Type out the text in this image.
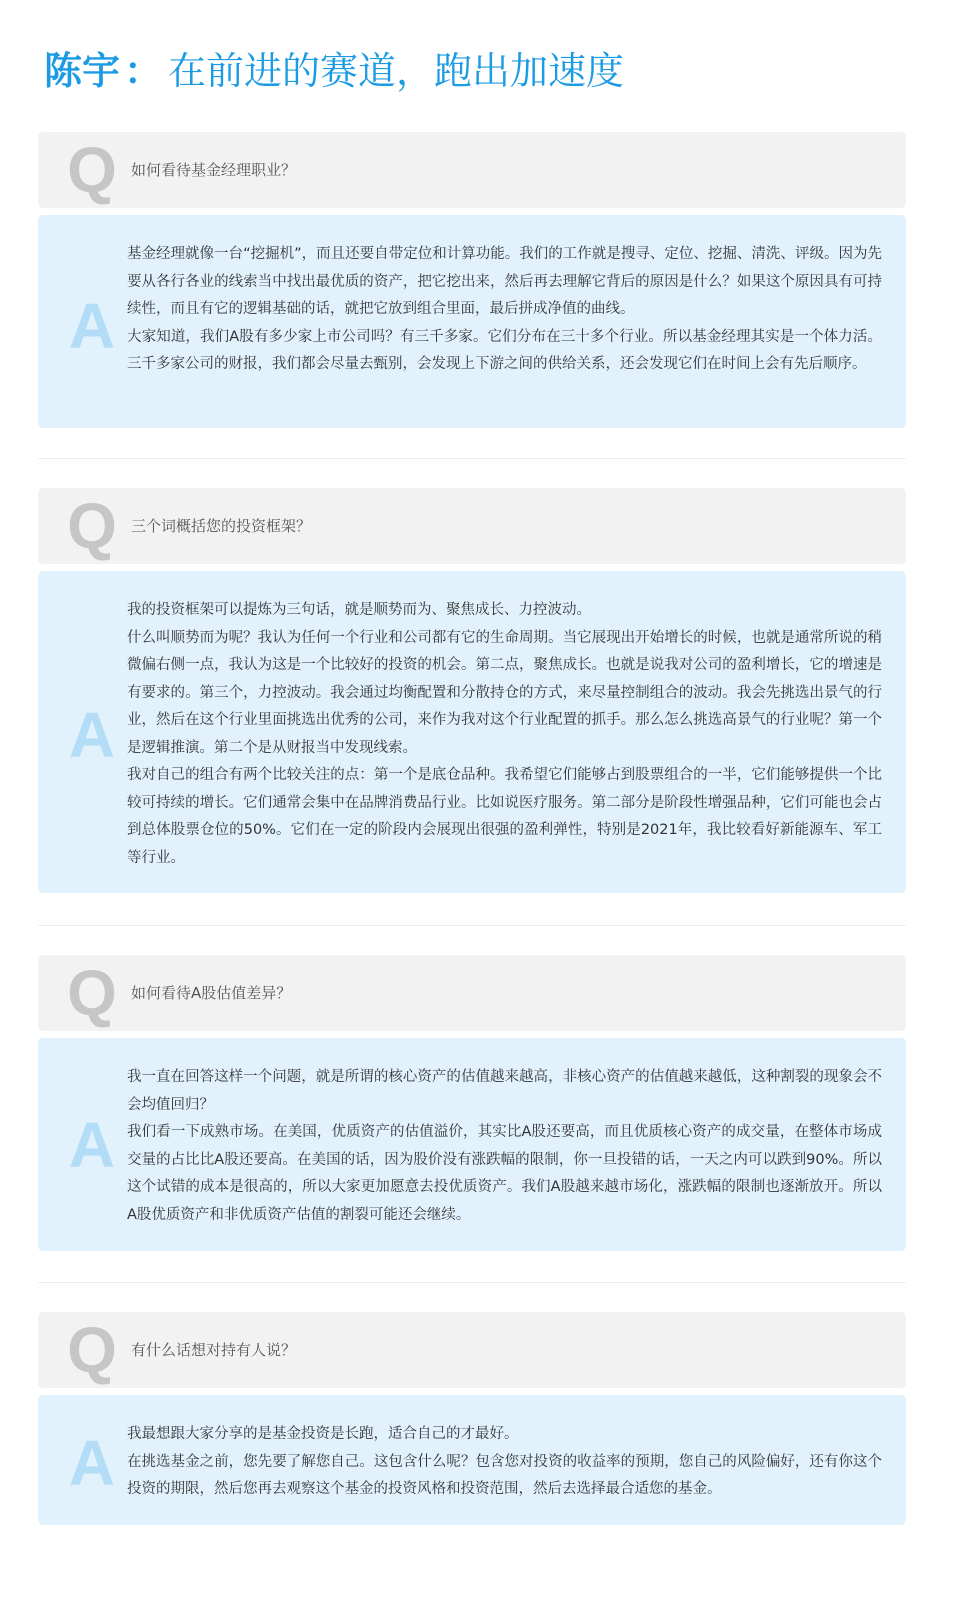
陈宇 ： 在前进的赛道，跑出加速度
Q 如何看待基金经理职业？
A

基金经理就像一台“挖掘机”，而且还要自带定位和计算功能。我们的工作就是搜寻、定位、挖掘、清洗、评级。因为先要从各行各业的线索当中找出最优质的资产，把它挖出来，然后再去理解它背后的原因是什么？如果这个原因具有可持续性，而且有它的逻辑基础的话，就把它放到组合里面，最后拼成净值的曲线。

大家知道，我们A股有多少家上市公司吗？有三千多家。它们分布在三十多个行业。所以基金经理其实是一个体力活。三千多家公司的财报，我们都会尽量去甄别，会发现上下游之间的供给关系，还会发现它们在时间上会有先后顺序。

Q 三个词概括您的投资框架？
A

我的投资框架可以提炼为三句话，就是顺势而为、聚焦成长、力控波动。

什么叫顺势而为呢？我认为任何一个行业和公司都有它的生命周期。当它展现出开始增长的时候，也就是通常所说的稍微偏右侧一点，我认为这是一个比较好的投资的机会。第二点，聚焦成长。也就是说我对公司的盈利增长，它的增速是有要求的。第三个，力控波动。我会通过均衡配置和分散持仓的方式，来尽量控制组合的波动。我会先挑选出景气的行业，然后在这个行业里面挑选出优秀的公司，来作为我对这个行业配置的抓手。那么怎么挑选高景气的行业呢？第一个是逻辑推演。第二个是从财报当中发现线索。

我对自己的组合有两个比较关注的点：第一个是底仓品种。我希望它们能够占到股票组合的一半，它们能够提供一个比较可持续的增长。它们通常会集中在品牌消费品行业。比如说医疗服务。第二部分是阶段性增强品种，它们可能也会占到总体股票仓位的50%。它们在一定的阶段内会展现出很强的盈利弹性，特别是2021年，我比较看好新能源车、军工等行业。

Q 如何看待A股估值差异？
A

我一直在回答这样一个问题，就是所谓的核心资产的估值越来越高，非核心资产的估值越来越低，这种割裂的现象会不会均值回归？

我们看一下成熟市场。在美国，优质资产的估值溢价，其实比A股还要高，而且优质核心资产的成交量，在整体市场成交量的占比比A股还要高。在美国的话，因为股价没有涨跌幅的限制，你一旦投错的话，一天之内可以跌到90%。所以这个试错的成本是很高的，所以大家更加愿意去投优质资产。我们A股越来越市场化，涨跌幅的限制也逐渐放开。所以A股优质资产和非优质资产估值的割裂可能还会继续。

Q 有什么话想对持有人说？
A 我最想跟大家分享的是基金投资是长跑，适合自己的才最好。

在挑选基金之前，您先要了解您自己。这包含什么呢？包含您对投资的收益率的预期，您自己的风险偏好，还有你这个投资的期限，然后您再去观察这个基金的投资风格和投资范围，然后去选择最合适您的基金。
